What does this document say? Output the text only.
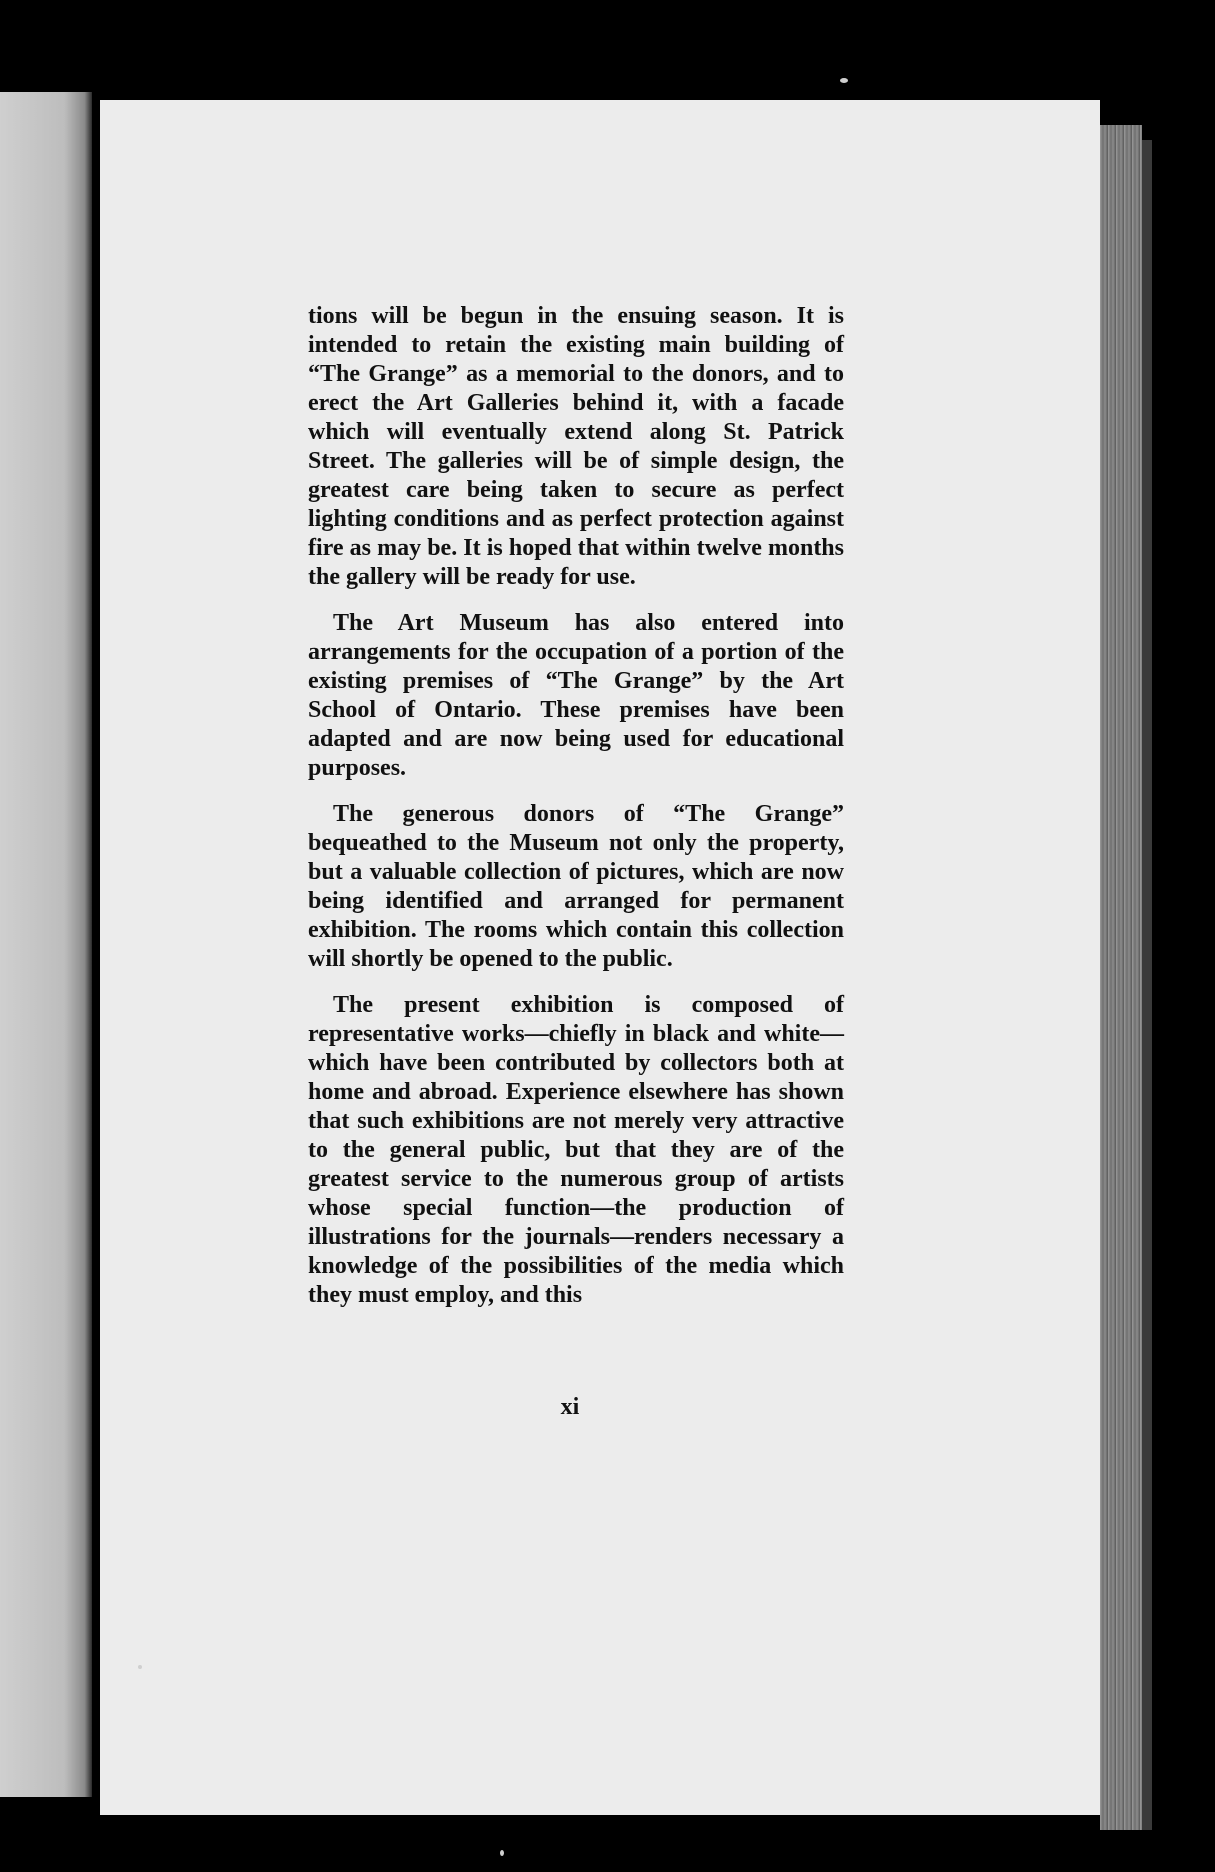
tions will be begun in the ensuing season. It is intended to retain the existing main building of “The Grange” as a memorial to the donors, and to erect the Art Galleries behind it, with a facade which will eventually extend along St. Patrick Street. The galleries will be of simple design, the greatest care being taken to secure as perfect lighting conditions and as perfect protection against fire as may be. It is hoped that within twelve months the gallery will be ready for use.

The Art Museum has also entered into arrangements for the occupation of a portion of the existing premises of “The Grange” by the Art School of Ontario. These premises have been adapted and are now being used for educational purposes.

The generous donors of “The Grange” bequeathed to the Museum not only the property, but a valuable collection of pictures, which are now being identified and arranged for permanent exhibition. The rooms which contain this collection will shortly be opened to the public.

The present exhibition is composed of representative works—chiefly in black and white—which have been contributed by collectors both at home and abroad. Experience elsewhere has shown that such exhibitions are not merely very attractive to the general public, but that they are of the greatest service to the numerous group of artists whose special function—the production of illustrations for the journals—renders necessary a knowledge of the possibilities of the media which they must employ, and this

xi
